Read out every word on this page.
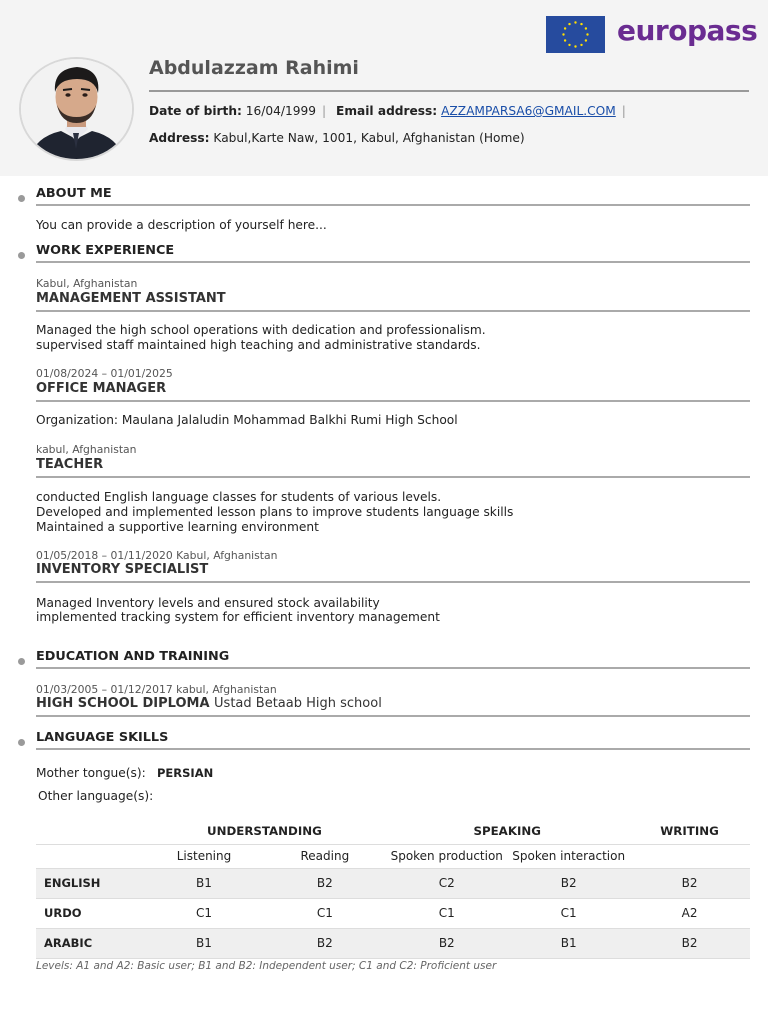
europass
Abdulazzam Rahimi
Date of birth: 16/04/1999 | Email address: AZZAMPARSA6@GMAIL.COM |
Address: Kabul,Karte Naw, 1001, Kabul, Afghanistan (Home)
ABOUT ME
You can provide a description of yourself here...
WORK EXPERIENCE
Kabul, Afghanistan
MANAGEMENT ASSISTANT
Managed the high school operations with dedication and professionalism.
supervised staff maintained high teaching and administrative standards.
01/08/2024 – 01/01/2025
OFFICE MANAGER
Organization: Maulana Jalaludin Mohammad Balkhi Rumi High School
kabul, Afghanistan
TEACHER
conducted English language classes for students of various levels.
Developed and implemented lesson plans to improve students language skills
Maintained a supportive learning environment
01/05/2018 – 01/11/2020 Kabul, Afghanistan
INVENTORY SPECIALIST
Managed Inventory levels and ensured stock availability
implemented tracking system for efficient inventory management
EDUCATION AND TRAINING
01/03/2005 – 01/12/2017 kabul, Afghanistan
HIGH SCHOOL DIPLOMA Ustad Betaab High school
LANGUAGE SKILLS
Mother tongue(s): PERSIAN
Other language(s):
	UNDERSTANDING		SPEAKING		WRITING
	Listening	Reading	Spoken production	Spoken interaction	
ENGLISH	B1	B2	C2	B2	B2
URDO	C1	C1	C1	C1	A2
ARABIC	B1	B2	B2	B1	B2
Levels: A1 and A2: Basic user; B1 and B2: Independent user; C1 and C2: Proficient user
